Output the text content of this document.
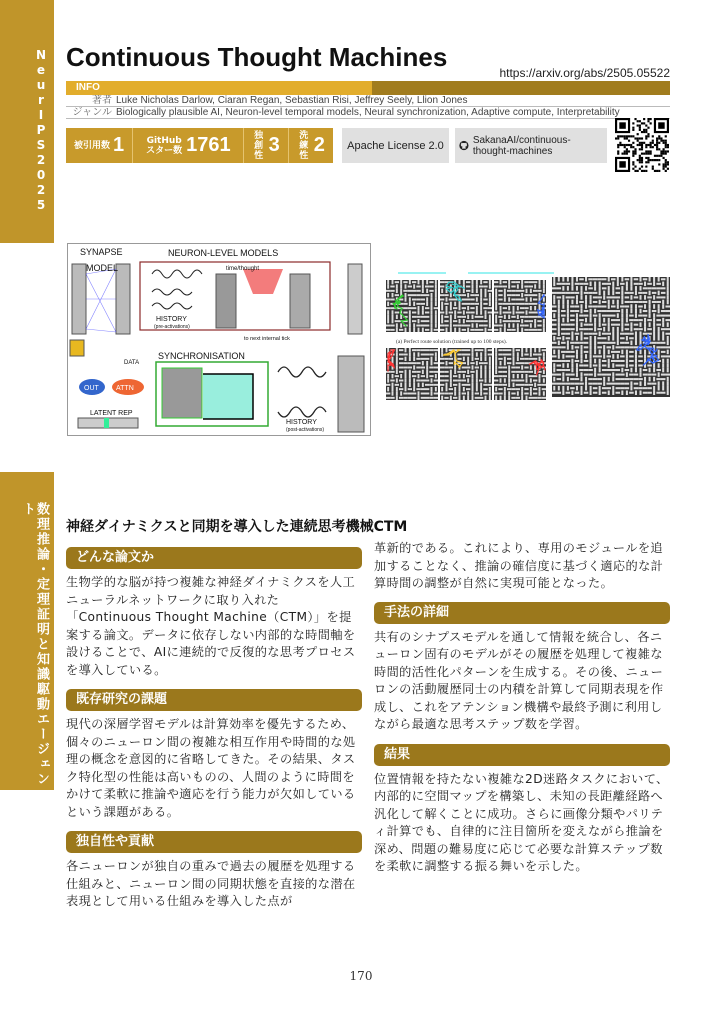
NeurIPS2025
数理推論・定理証明と知識駆動エージェント
Continuous Thought Machines
https://arxiv.org/abs/2505.05522
INFO
著者 Luke Nicholas Darlow, Ciaran Regan, Sebastian Risi, Jeffrey Seely, Llion Jones
ジャンル Biologically plausible AI, Neuron-level temporal models, Neural synchronization, Adaptive compute, Interpretability
被引用数 1 GitHub スター数 1761	独創 性 3 洗練 性 2 Apache License 2.0	SakanaAI/continuous-thought-machines
SYNAPSE
MODEL
NEURON-LEVEL MODELS
time/thought
HISTORY
(pre-activations)
to next internal tick
SYNCHRONISATION
DATA
OUT ATTN
LATENT REP
HISTORY
(post-activations)
(a) Perfect route solution (trained up to 100 steps).
神経ダイナミクスと同期を導入した連続思考機械CTM
どんな論文か
生物学的な脳が持つ複雑な神経ダイナミクスを人工ニューラルネットワークに取り入れた「Continuous Thought Machine（CTM）」を提案する論文。データに依存しない内部的な時間軸を設けることで、AIに連続的で反復的な思考プロセスを導入している。
既存研究の課題
現代の深層学習モデルは計算効率を優先するため、個々のニューロン間の複雑な相互作用や時間的な処理の概念を意図的に省略してきた。その結果、タスク特化型の性能は高いものの、人間のように時間をかけて柔軟に推論や適応を行う能力が欠如しているという課題がある。
独自性や貢献
各ニューロンが独自の重みで過去の履歴を処理する仕組みと、ニューロン間の同期状態を直接的な潜在表現として用いる仕組みを導入した点が
革新的である。これにより、専用のモジュールを追加することなく、推論の確信度に基づく適応的な計算時間の調整が自然に実現可能となった。
手法の詳細
共有のシナプスモデルを通して情報を統合し、各ニューロン固有のモデルがその履歴を処理して複雑な時間的活性化パターンを生成する。その後、ニューロンの活動履歴同士の内積を計算して同期表現を作成し、これをアテンション機構や最終予測に利用しながら最適な思考ステップ数を学習。
結果
位置情報を持たない複雑な2D迷路タスクにおいて、内部的に空間マップを構築し、未知の長距離経路へ汎化して解くことに成功。さらに画像分類やパリティ計算でも、自律的に注目箇所を変えながら推論を深め、問題の難易度に応じて必要な計算ステップ数を柔軟に調整する振る舞いを示した。
170
